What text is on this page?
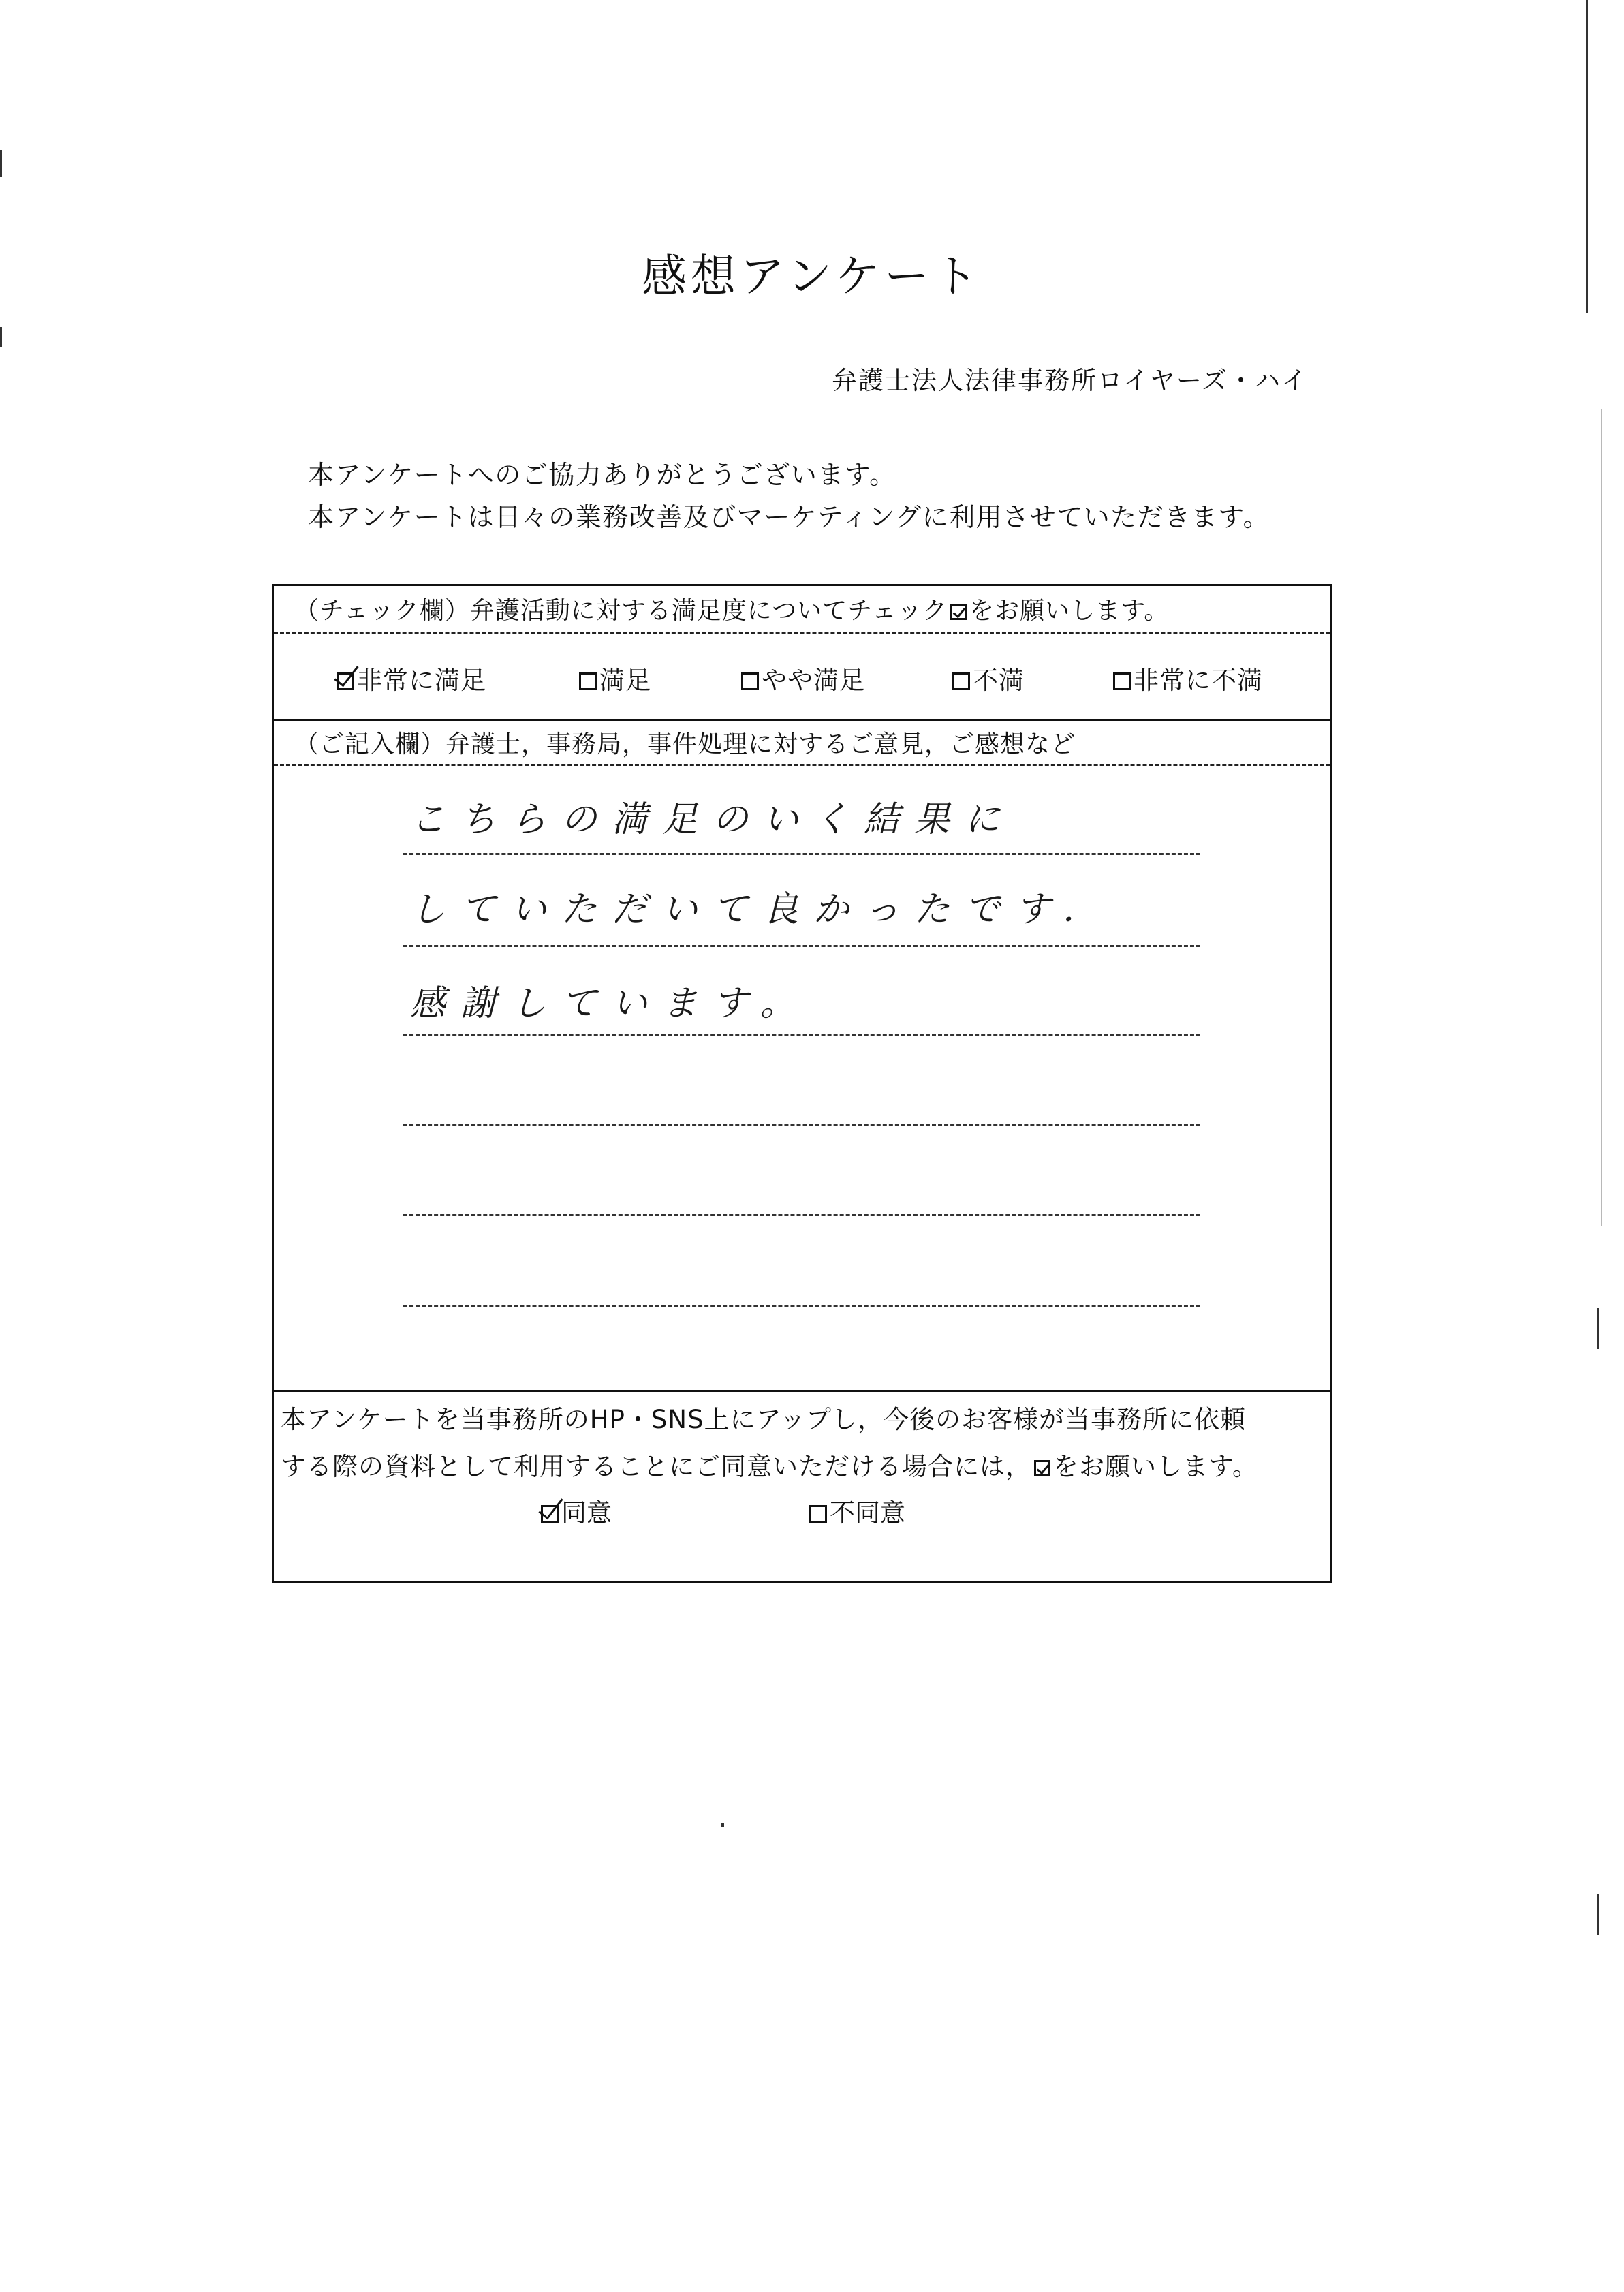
感想アンケート
弁護士法人法律事務所ロイヤーズ・ハイ
本アンケートへのご協力ありがとうございます。
本アンケートは日々の業務改善及びマーケティングに利用させていただきます。
（チェック欄）弁護活動に対する満足度についてチェック をお願いします。
非常に満足	満足	やや満足	不満	非常に不満
（ご記入欄）弁護士，事務局，事件処理に対するご意見，ご感想など
こちらの満足のいく結果に
していただいて良かったです．
感謝しています。
本アンケートを当事務所のHP・SNS上にアップし，今後のお客様が当事務所に依頼
する際の資料として利用することにご同意いただける場合には， をお願いします。
同意	不同意
